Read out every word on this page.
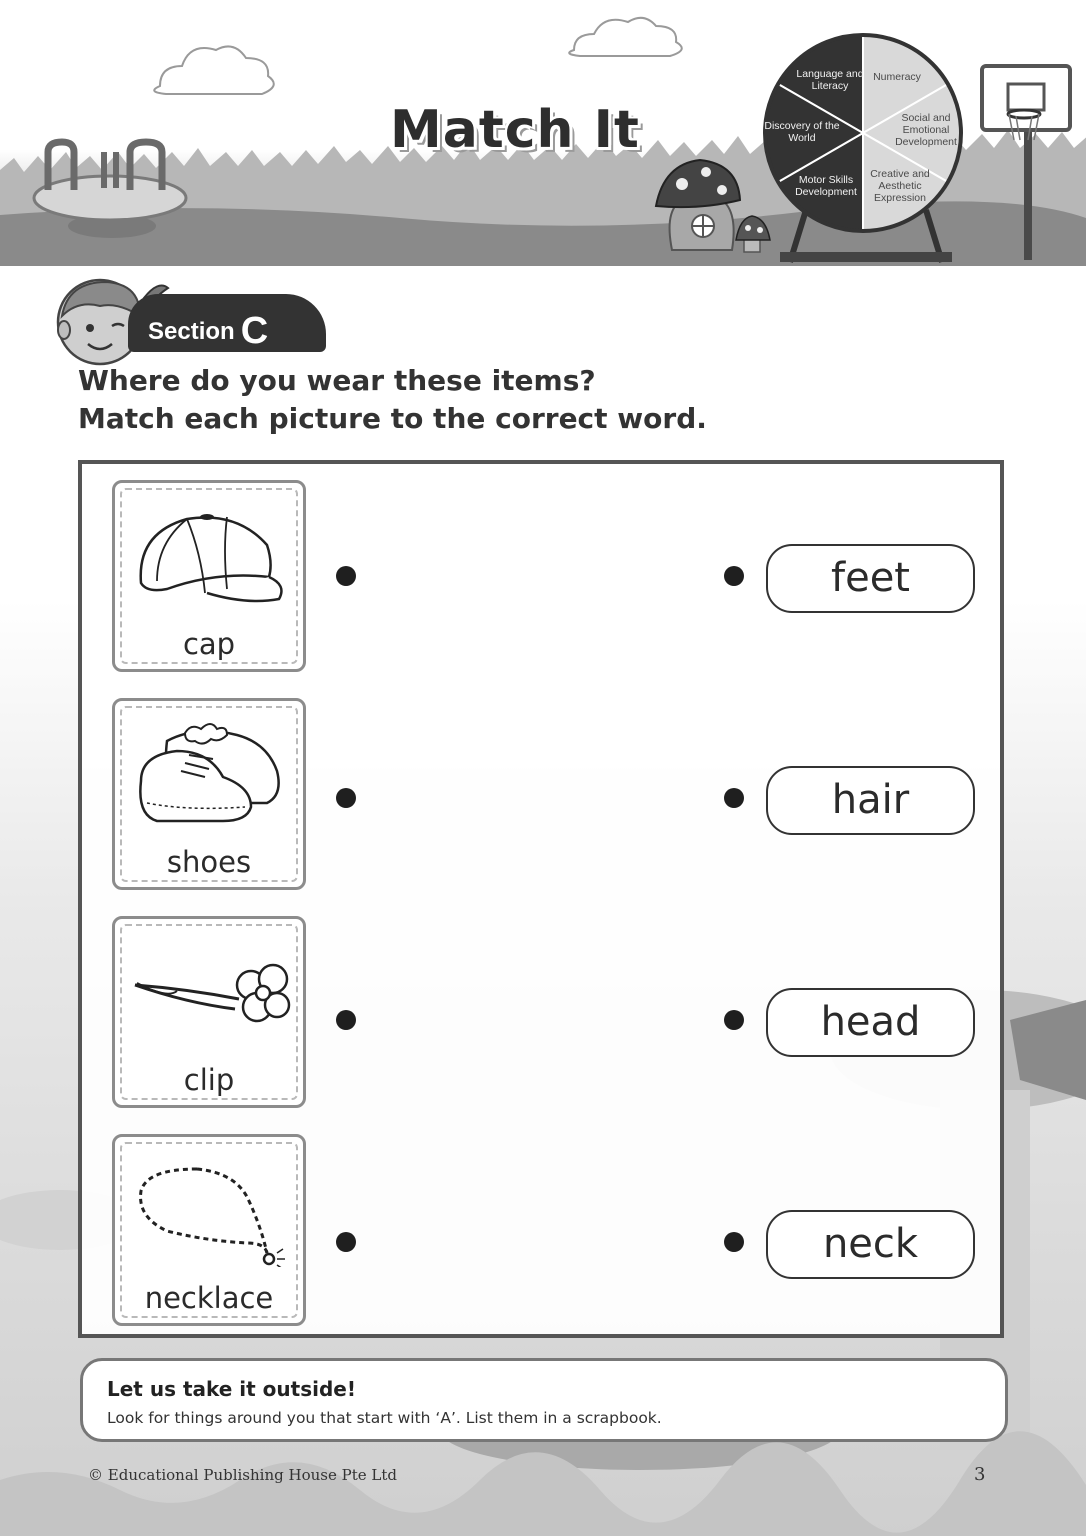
Match It
Language and Literacy
Numeracy
Social and Emotional Development
Creative and Aesthetic Expression
Motor Skills Development
Discovery of the World
Section C
Where do you wear these items?
Match each picture to the correct word.
cap
shoes
clip
necklace
feet
hair
head
neck

Let us take it outside!

Look for things around you that start with ‘A’. List them in a scrapbook.

© Educational Publishing House Pte Ltd	3
